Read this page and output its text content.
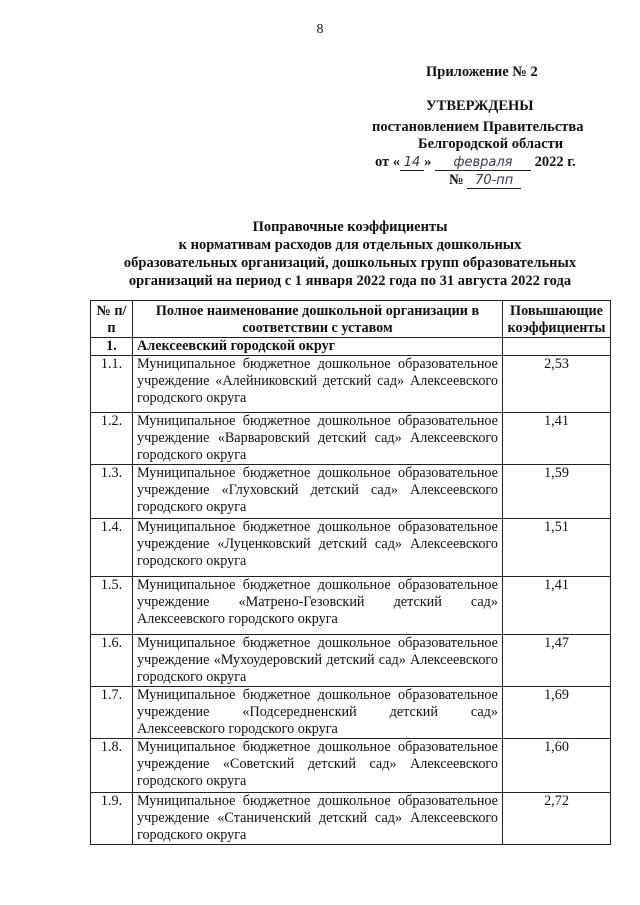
8
Приложение № 2
УТВЕРЖДЕНЫ
постановлением Правительства
Белгородской области
от « 14 » февраля 2022 г.
№ 70-пп
Поправочные коэффициенты
к нормативам расходов для отдельных дошкольных
образовательных организаций, дошкольных групп образовательных
организаций на период с 1 января 2022 года по 31 августа 2022 года
№ п/п	Полное наименование дошкольной организации в соответствии с уставом	Повышающие коэффициенты
1.	Алексеевский городской округ	
1.1.	Муниципальное бюджетное дошкольное образовательное учреждение «Алейниковский детский сад» Алексеевского городского округа	2,53
1.2.	Муниципальное бюджетное дошкольное образовательное учреждение «Варваровский детский сад» Алексеевского городского округа	1,41
1.3.	Муниципальное бюджетное дошкольное образовательное учреждение «Глуховский детский сад» Алексеевского городского округа	1,59
1.4.	Муниципальное бюджетное дошкольное образовательное учреждение «Луценковский детский сад» Алексеевского городского округа	1,51
1.5.	Муниципальное бюджетное дошкольное образовательное учреждение «Матрено-Гезовский детский сад» Алексеевского городского округа	1,41
1.6.	Муниципальное бюджетное дошкольное образовательное учреждение «Мухоудеровский детский сад» Алексеевского городского округа	1,47
1.7.	Муниципальное бюджетное дошкольное образовательное учреждение «Подсередненский детский сад» Алексеевского городского округа	1,69
1.8.	Муниципальное бюджетное дошкольное образовательное учреждение «Советский детский сад» Алексеевского городского округа	1,60
1.9.	Муниципальное бюджетное дошкольное образовательное учреждение «Станиченский детский сад» Алексеевского городского округа	2,72
